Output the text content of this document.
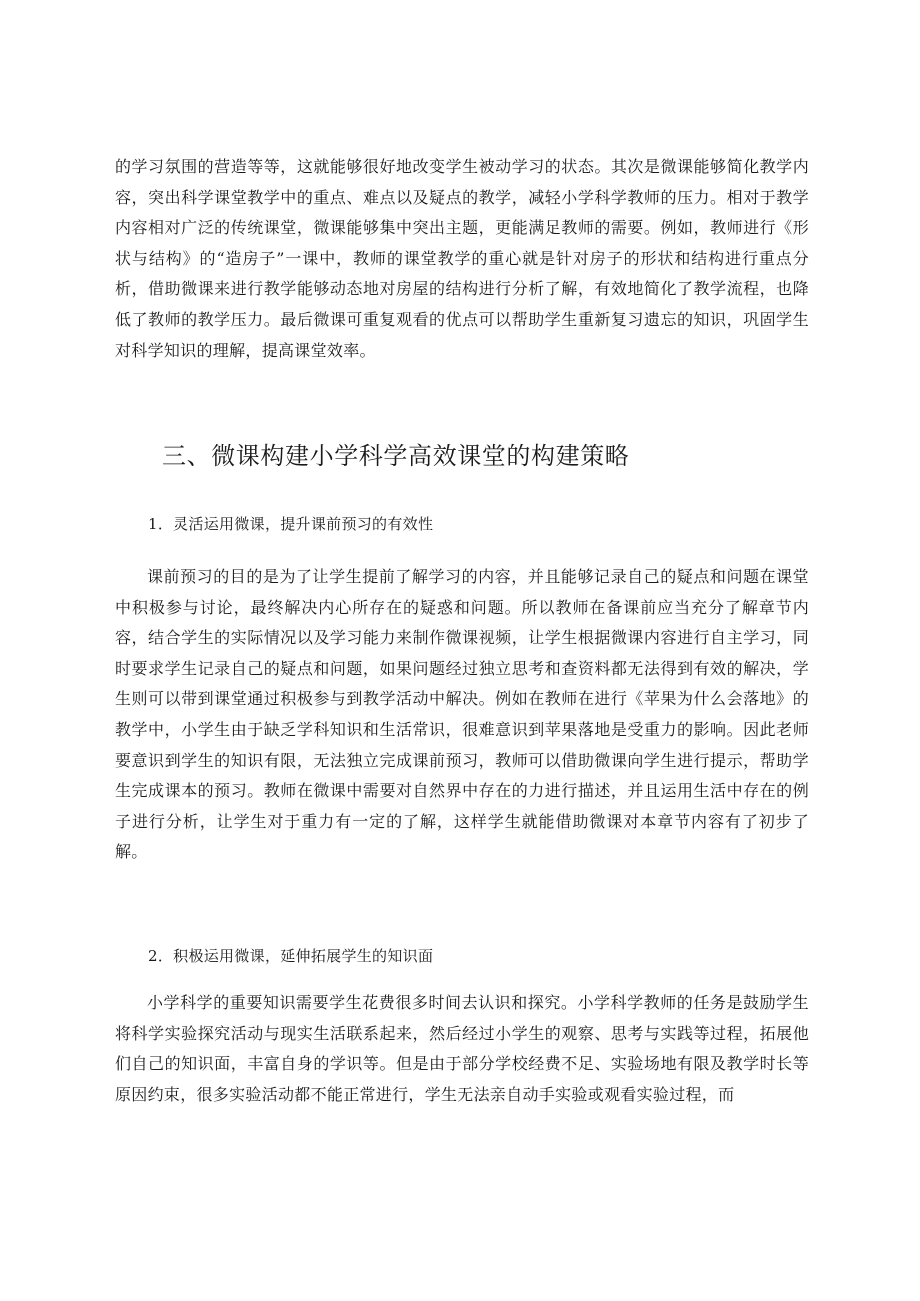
的学习氛围的营造等等，这就能够很好地改变学生被动学习的状态。其次是微课能够简化教学内容，突出科学课堂教学中的重点、难点以及疑点的教学，减轻小学科学教师的压力。相对于教学内容相对广泛的传统课堂，微课能够集中突出主题，更能满足教师的需要。例如，教师进行《形状与结构》的“造房子”一课中，教师的课堂教学的重心就是针对房子的形状和结构进行重点分析，借助微课来进行教学能够动态地对房屋的结构进行分析了解，有效地简化了教学流程，也降低了教师的教学压力。最后微课可重复观看的优点可以帮助学生重新复习遗忘的知识，巩固学生对科学知识的理解，提高课堂效率。

三、微课构建小学科学高效课堂的构建策略
1．灵活运用微课，提升课前预习的有效性

课前预习的目的是为了让学生提前了解学习的内容，并且能够记录自己的疑点和问题在课堂中积极参与讨论，最终解决内心所存在的疑惑和问题。所以教师在备课前应当充分了解章节内容，结合学生的实际情况以及学习能力来制作微课视频，让学生根据微课内容进行自主学习，同时要求学生记录自己的疑点和问题，如果问题经过独立思考和查资料都无法得到有效的解决，学生则可以带到课堂通过积极参与到教学活动中解决。例如在教师在进行《苹果为什么会落地》的教学中，小学生由于缺乏学科知识和生活常识，很难意识到苹果落地是受重力的影响。因此老师要意识到学生的知识有限，无法独立完成课前预习，教师可以借助微课向学生进行提示，帮助学生完成课本的预习。教师在微课中需要对自然界中存在的力进行描述，并且运用生活中存在的例子进行分析，让学生对于重力有一定的了解，这样学生就能借助微课对本章节内容有了初步了解。

2．积极运用微课，延伸拓展学生的知识面

小学科学的重要知识需要学生花费很多时间去认识和探究。小学科学教师的任务是鼓励学生将科学实验探究活动与现实生活联系起来，然后经过小学生的观察、思考与实践等过程，拓展他们自己的知识面，丰富自身的学识等。但是由于部分学校经费不足、实验场地有限及教学时长等原因约束，很多实验活动都不能正常进行，学生无法亲自动手实验或观看实验过程，而
